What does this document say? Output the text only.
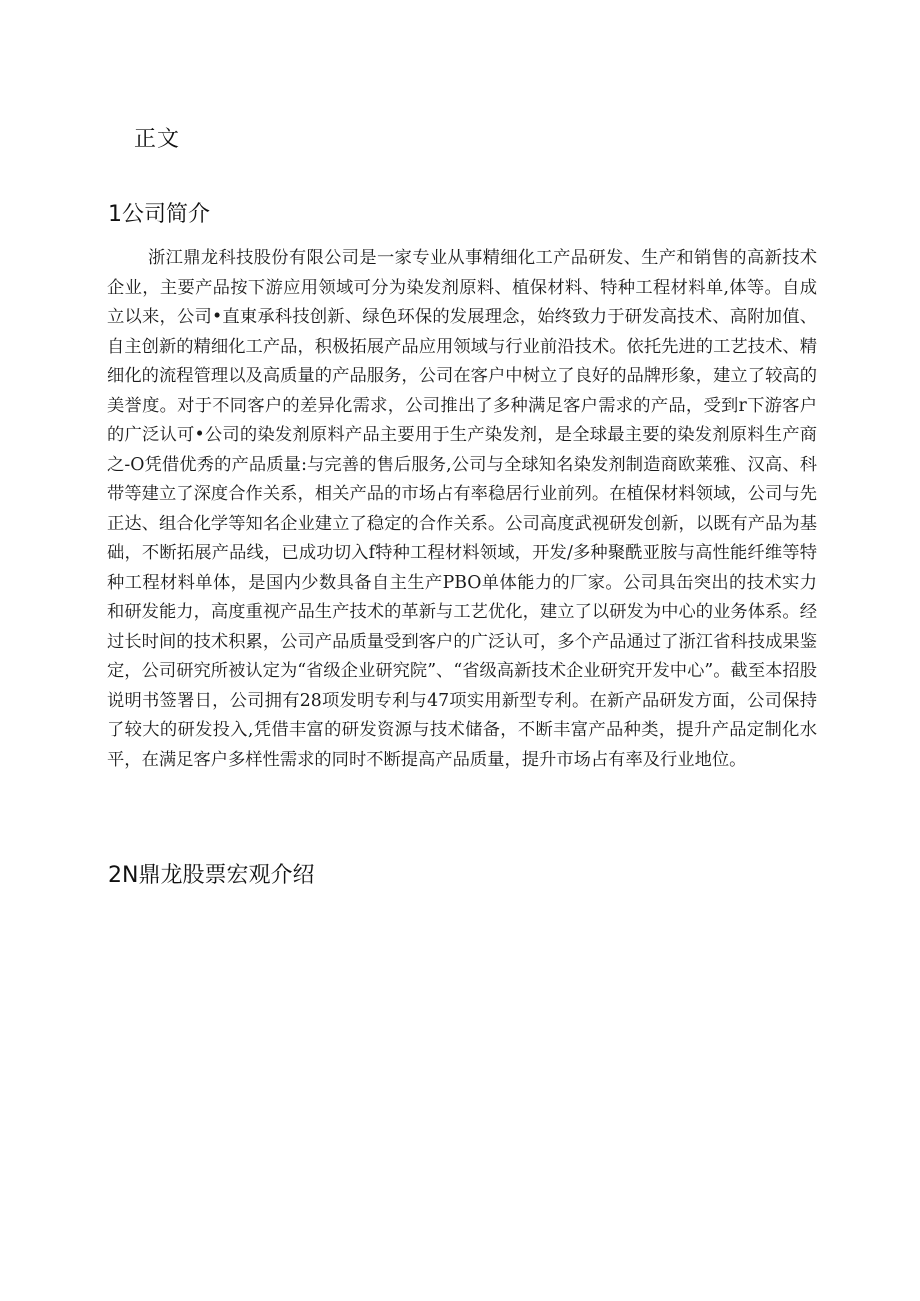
正文
1公司简介

浙江鼎龙科技股份有限公司是一家专业从事精细化工产品研发、生产和销售的高新技术企业，主要产品按下游应用领域可分为染发剂原料、植保材料、特种工程材料单,体等。自成立以来，公司•直東承科技创新、绿色环保的发展理念，始终致力于研发高技术、高附加值、自主创新的精细化工产品，积极拓展产品应用领域与行业前沿技术。依托先进的工艺技术、精细化的流程管理以及高质量的产品服务，公司在客户中树立了良好的品牌形象，建立了较高的美誉度。对于不同客户的差异化需求，公司推出了多种满足客户需求的产品，受到r下游客户的广泛认可•公司的染发剂原料产品主要用于生产染发剂，是全球最主要的染发剂原料生产商之-O凭借优秀的产品质量:与完善的售后服务,公司与全球知名染发剂制造商欧莱雅、汉高、科带等建立了深度合作关系，相关产品的市场占有率稳居行业前列。在植保材料领域，公司与先正达、组合化学等知名企业建立了稳定的合作关系。公司高度武视研发创新，以既有产品为基础，不断拓展产品线，已成功切入f特种工程材料领域，开发/多种聚酰亚胺与高性能纤维等特种工程材料单体，是国内少数具备自主生产PBO单体能力的厂家。公司具缶突出的技术实力和研发能力，高度重视产品生产技术的革新与工艺优化，建立了以研发为中心的业务体系。经过长时间的技术积累，公司产品质量受到客户的广泛认可，多个产品通过了浙江省科技成果鉴定，公司研究所被认定为“省级企业研究院”、“省级高新技术企业研究开发中心”。截至本招股说明书签署日，公司拥有28项发明专利与47项实用新型专利。在新产品研发方面，公司保持了较大的研发投入,凭借丰富的研发资源与技术储备，不断丰富产品种类，提升产品定制化水平，在满足客户多样性需求的同时不断提高产品质量，提升市场占有率及行业地位。

2N鼎龙股票宏观介绍
